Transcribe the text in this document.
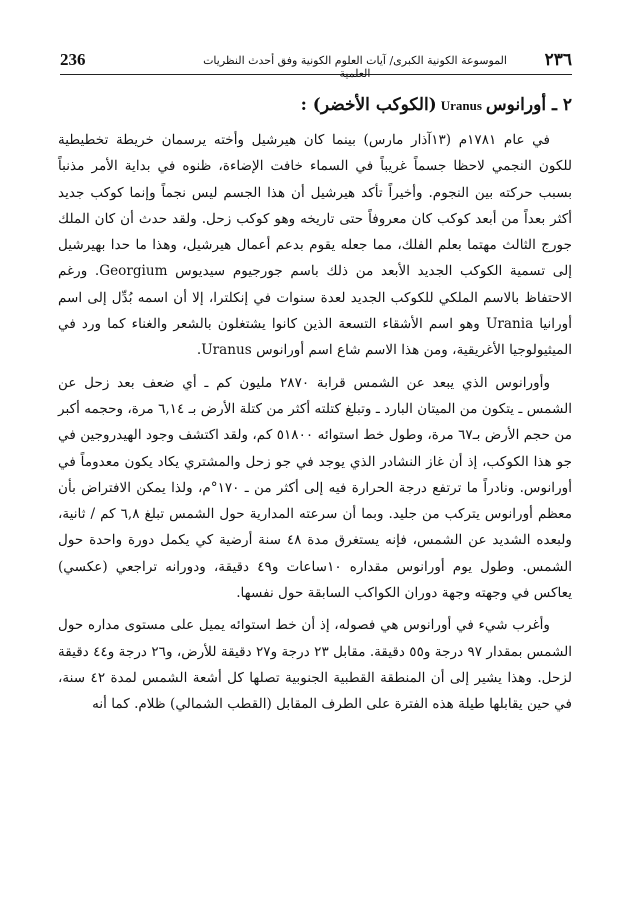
236	الموسوعة الكونية الكبرى/ آيات العلوم الكونية وفق أحدث النظريات العلمية
٢٣٦
٢ ـ أورانوسUranus(الكوكب الأخضر) :

في عام ١٧٨١م (١٣آذار مارس) بينما كان هيرشيل وأخته يرسمان خريطة تخطيطية للكون النجمي لاحظا جسماً غريباً في السماء خافت الإضاءة، ظنوه في بداية الأمر مذنباً بسبب حركته بين النجوم. وأخيراً تأكد هيرشيل أن هذا الجسم ليس نجماً وإنما كوكب جديد أكثر بعداً من أبعد كوكب كان معروفاً حتى تاريخه وهو كوكب زحل. ولقد حدث أن كان الملك جورج الثالث مهتما بعلم الفلك، مما جعله يقوم بدعم أعمال هيرشيل، وهذا ما حدا بهيرشيل إلى تسمية الكوكب الجديد الأبعد من ذلك باسم جورجيوم سيديوس Georgium. ورغم الاحتفاظ بالاسم الملكي للكوكب الجديد لعدة سنوات في إنكلترا، إلا أن اسمه بُدِّل إلى اسم أورانيا Urania وهو اسم الأشقاء التسعة الذين كانوا يشتغلون بالشعر والغناء كما ورد في الميثيولوجيا الأغريقية، ومن هذا الاسم شاع اسم أورانوس Uranus.

وأورانوس الذي يبعد عن الشمس قرابة ٢٨٧٠ مليون كم ـ أي ضعف بعد زحل عن الشمس ـ يتكون من الميتان البارد ـ وتبلغ كتلته أكثر من كتلة الأرض بـ ٦,١٤ مرة، وحجمه أكبر من حجم الأرض بـ٦٧ مرة، وطول خط استوائه ٥١٨٠٠ كم، ولقد اكتشف وجود الهيدروجين في جو هذا الكوكب، إذ أن غاز النشادر الذي يوجد في جو زحل والمشتري يكاد يكون معدوماً في أورانوس. ونادراً ما ترتفع درجة الحرارة فيه إلى أكثر من ـ ١٧٠°م، ولذا يمكن الافتراض بأن معظم أورانوس يتركب من جليد. وبما أن سرعته المدارية حول الشمس تبلغ ٦,٨ كم / ثانية، ولبعده الشديد عن الشمس، فإنه يستغرق مدة ٤٨ سنة أرضية كي يكمل دورة واحدة حول الشمس. وطول يوم أورانوس مقداره ١٠ساعات و٤٩ دقيقة، ودورانه تراجعي (عكسي) يعاكس في وجهته وجهة دوران الكواكب السابقة حول نفسها.

وأغرب شيء في أورانوس هي فصوله، إذ أن خط استوائه يميل على مستوى مداره حول الشمس بمقدار ٩٧ درجة و٥٥ دقيقة. مقابل ٢٣ درجة و٢٧ دقيقة للأرض، و٢٦ درجة و٤٤ دقيقة لزحل. وهذا يشير إلى أن المنطقة القطبية الجنوبية تصلها كل أشعة الشمس لمدة ٤٢ سنة، في حين يقابلها طيلة هذه الفترة على الطرف المقابل (القطب الشمالي) ظلام. كما أنه
